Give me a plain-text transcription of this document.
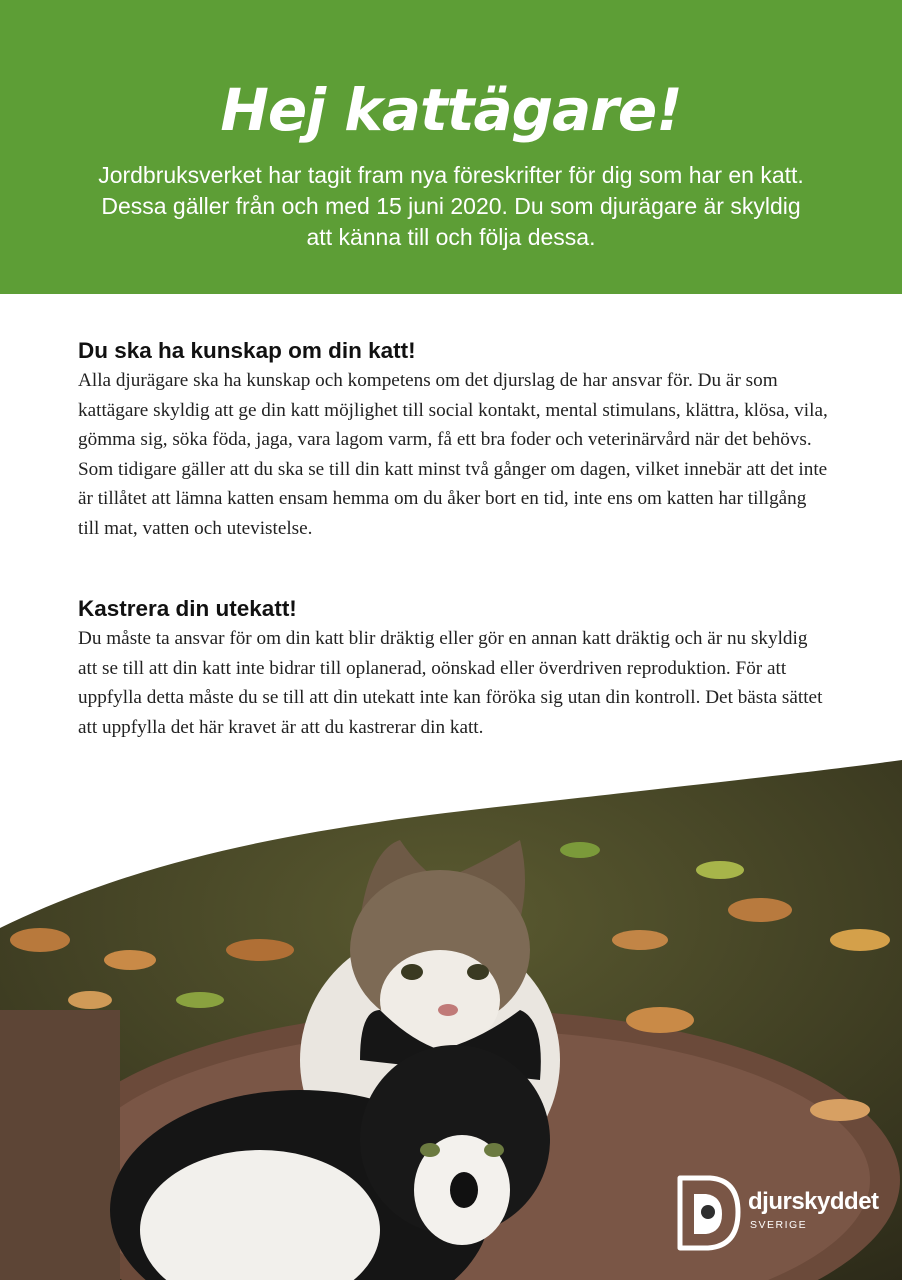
Hej kattägare!

Jordbruksverket har tagit fram nya föreskrifter för dig som har en katt. Dessa gäller från och med 15 juni 2020. Du som djurägare är skyldig att känna till och följa dessa.

Du ska ha kunskap om din katt!

Alla djurägare ska ha kunskap och kompetens om det djurslag de har ansvar för. Du är som kattägare skyldig att ge din katt möjlighet till social kontakt, mental stimulans, klättra, klösa, vila, gömma sig, söka föda, jaga, vara lagom varm, få ett bra foder och veterinärvård när det behövs. Som tidigare gäller att du ska se till din katt minst två gånger om dagen, vilket innebär att det inte är tillåtet att lämna katten ensam hemma om du åker bort en tid, inte ens om katten har tillgång till mat, vatten och utevistelse.

Kastrera din utekatt!

Du måste ta ansvar för om din katt blir dräktig eller gör en annan katt dräktig och är nu skyldig att se till att din katt inte bidrar till oplanerad, oönskad eller överdriven reproduktion. För att uppfylla detta måste du se till att din utekatt inte kan föröka sig utan din kontroll. Det bästa sättet att uppfylla det här kravet är att du kastrerar din katt.

djurskyddet
SVERIGE
